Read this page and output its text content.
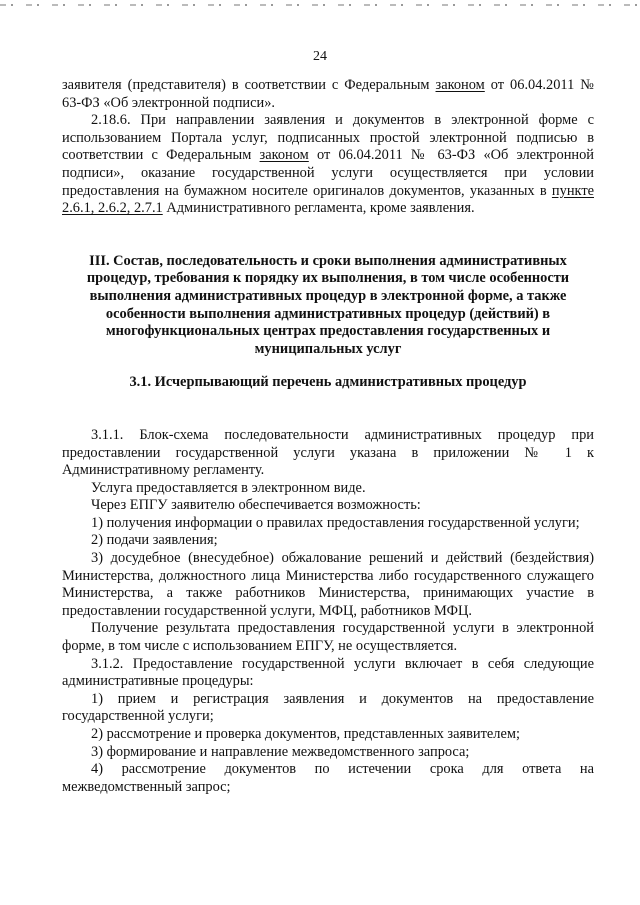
24

заявителя (представителя) в соответствии с Федеральным законом от 06.04.2011 № 63-ФЗ «Об электронной подписи».

2.18.6. При направлении заявления и документов в электронной форме с использованием Портала услуг, подписанных простой электронной подписью в соответствии с Федеральным законом от 06.04.2011 № 63-ФЗ «Об электронной подписи», оказание государственной услуги осуществляется при условии предоставления на бумажном носителе оригиналов документов, указанных в пункте 2.6.1, 2.6.2, 2.7.1 Административного регламента, кроме заявления.

III. Состав, последовательность и сроки выполнения административных процедур, требования к порядку их выполнения, в том числе особенности выполнения административных процедур в электронной форме, а также особенности выполнения административных процедур (действий) в многофункциональных центрах предоставления государственных и муниципальных услуг

3.1. Исчерпывающий перечень административных процедур

3.1.1. Блок-схема последовательности административных процедур при предоставлении государственной услуги указана в приложении № 1 к Административному регламенту.

Услуга предоставляется в электронном виде.

Через ЕПГУ заявителю обеспечивается возможность:

1) получения информации о правилах предоставления государственной услуги;

2) подачи заявления;

3) досудебное (внесудебное) обжалование решений и действий (бездействия) Министерства, должностного лица Министерства либо государственного служащего Министерства, а также работников Министерства, принимающих участие в предоставлении государственной услуги, МФЦ, работников МФЦ.

Получение результата предоставления государственной услуги в электронной форме, в том числе с использованием ЕПГУ, не осуществляется.

3.1.2. Предоставление государственной услуги включает в себя следующие административные процедуры:

1) прием и регистрация заявления и документов на предоставление государственной услуги;

2) рассмотрение и проверка документов, представленных заявителем;

3) формирование и направление межведомственного запроса;

4) рассмотрение документов по истечении срока для ответа на межведомственный запрос;
